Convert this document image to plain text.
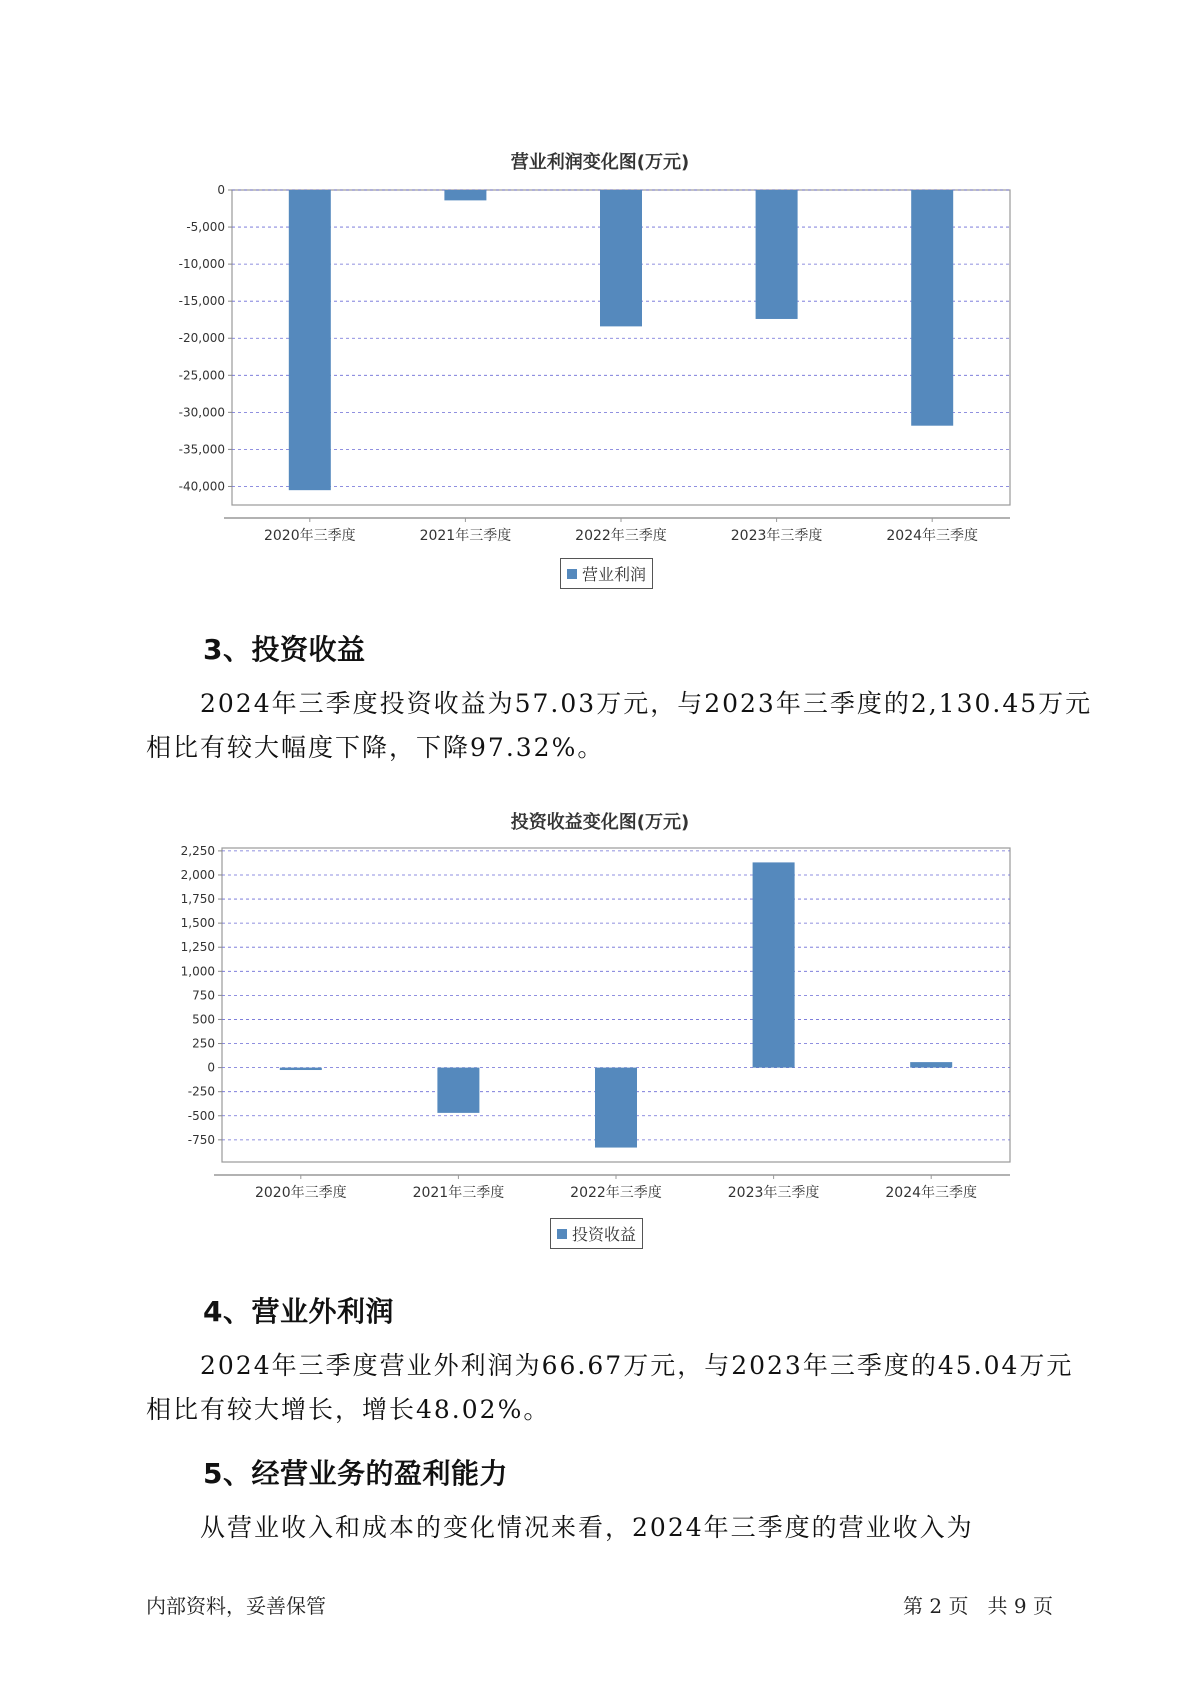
营业利润变化图(万元)
0
-5,000
-10,000
-15,000
-20,000
-25,000
-30,000
-35,000
-40,000
2020年三季度	2021年三季度	2022年三季度	2023年三季度	2024年三季度
营业利润
3、投资收益
2024年三季度投资收益为57.03万元，与2023年三季度的2,130.45万元
相比有较大幅度下降，下降97.32%。
投资收益变化图(万元)
2,250
2,000
1,750
1,500
1,250
1,000
750
500
250
0
-250
-500
-750
2020年三季度	2021年三季度	2022年三季度	2023年三季度	2024年三季度
投资收益
4、营业外利润
2024年三季度营业外利润为66.67万元，与2023年三季度的45.04万元
相比有较大增长，增长48.02%。
5、经营业务的盈利能力
从营业收入和成本的变化情况来看，2024年三季度的营业收入为
内部资料，妥善保管	第 2 页   共 9 页
